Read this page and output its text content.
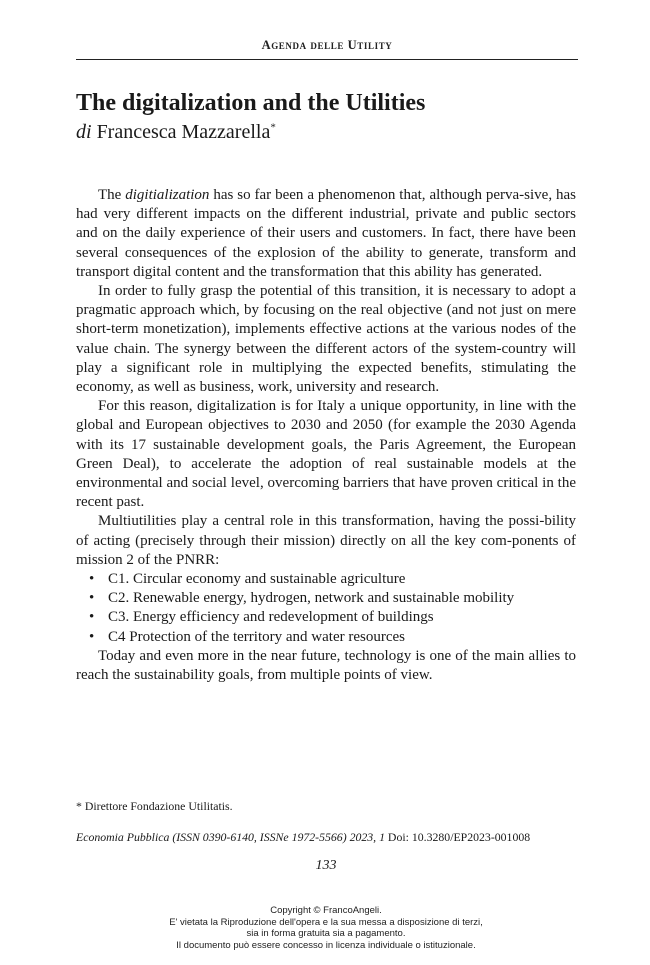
Agenda delle Utility
The digitalization and the Utilities
di Francesca Mazzarella*

The digitialization has so far been a phenomenon that, although perva-sive, has had very different impacts on the different industrial, private and public sectors and on the daily experience of their users and customers. In fact, there have been several consequences of the explosion of the ability to generate, transform and transport digital content and the transformation that this ability has generated.

In order to fully grasp the potential of this transition, it is necessary to adopt a pragmatic approach which, by focusing on the real objective (and not just on mere short-term monetization), implements effective actions at the various nodes of the value chain. The synergy between the different actors of the system-country will play a significant role in multiplying the expected benefits, stimulating the economy, as well as business, work, university and research.

For this reason, digitalization is for Italy a unique opportunity, in line with the global and European objectives to 2030 and 2050 (for example the 2030 Agenda with its 17 sustainable development goals, the Paris Agreement, the European Green Deal), to accelerate the adoption of real sustainable models at the environmental and social level, overcoming barriers that have proven critical in the recent past.

Multiutilities play a central role in this transformation, having the possi-bility of acting (precisely through their mission) directly on all the key com-ponents of mission 2 of the PNRR:

• C1. Circular economy and sustainable agriculture
• C2. Renewable energy, hydrogen, network and sustainable mobility
• C3. Energy efficiency and redevelopment of buildings
• C4 Protection of the territory and water resources

Today and even more in the near future, technology is one of the main allies to reach the sustainability goals, from multiple points of view.

* Direttore Fondazione Utilitatis.
Economia Pubblica (ISSN 0390-6140, ISSNe 1972-5566) 2023, 1 Doi: 10.3280/EP2023-001008
133
Copyright © FrancoAngeli.
E' vietata la Riproduzione dell'opera e la sua messa a disposizione di terzi,
sia in forma gratuita sia a pagamento.
Il documento può essere concesso in licenza individuale o istituzionale.
